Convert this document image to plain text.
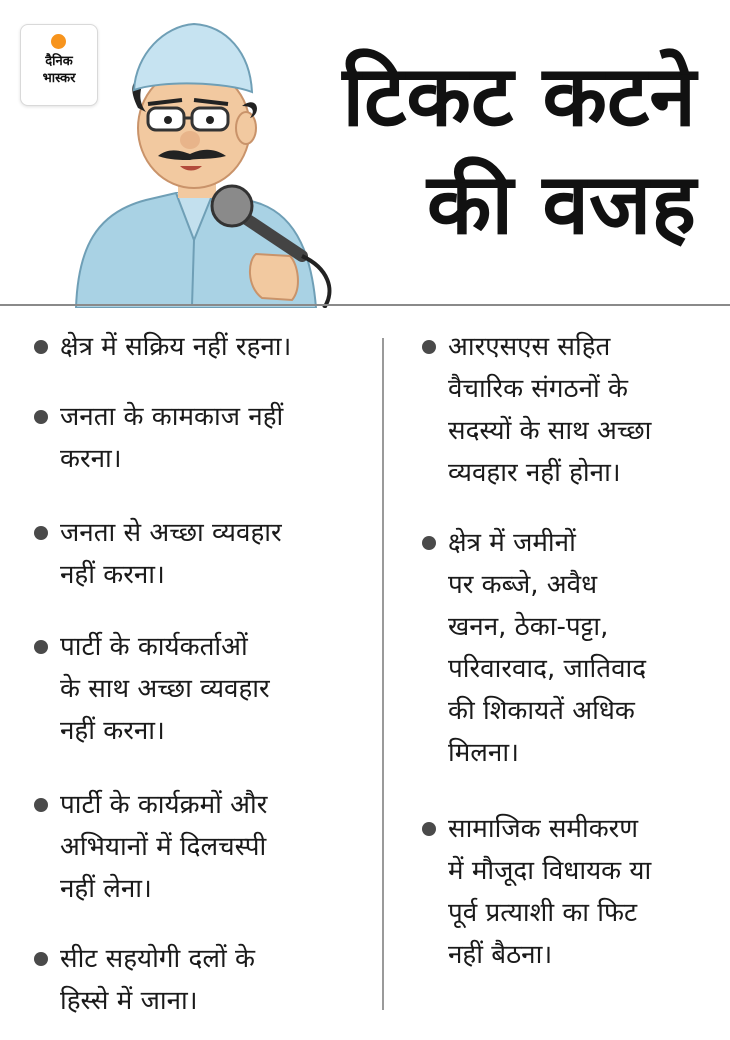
दैनिक
भास्कर	टिकट कटने
की वजह
क्षेत्र में सक्रिय नहीं रहना।
जनता के कामकाज नहीं
करना।
जनता से अच्छा व्यवहार
नहीं करना।
पार्टी के कार्यकर्ताओं
के साथ अच्छा व्यवहार
नहीं करना।
पार्टी के कार्यक्रमों और
अभियानों में दिलचस्पी
नहीं लेना।
सीट सहयोगी दलों के
हिस्से में जाना।
आरएसएस सहित
वैचारिक संगठनों के
सदस्यों के साथ अच्छा
व्यवहार नहीं होना।
क्षेत्र में जमीनों
पर कब्जे, अवैध
खनन, ठेका-पट्टा,
परिवारवाद, जातिवाद
की शिकायतें अधिक
मिलना।
सामाजिक समीकरण
में मौजूदा विधायक या
पूर्व प्रत्याशी का फिट
नहीं बैठना।
